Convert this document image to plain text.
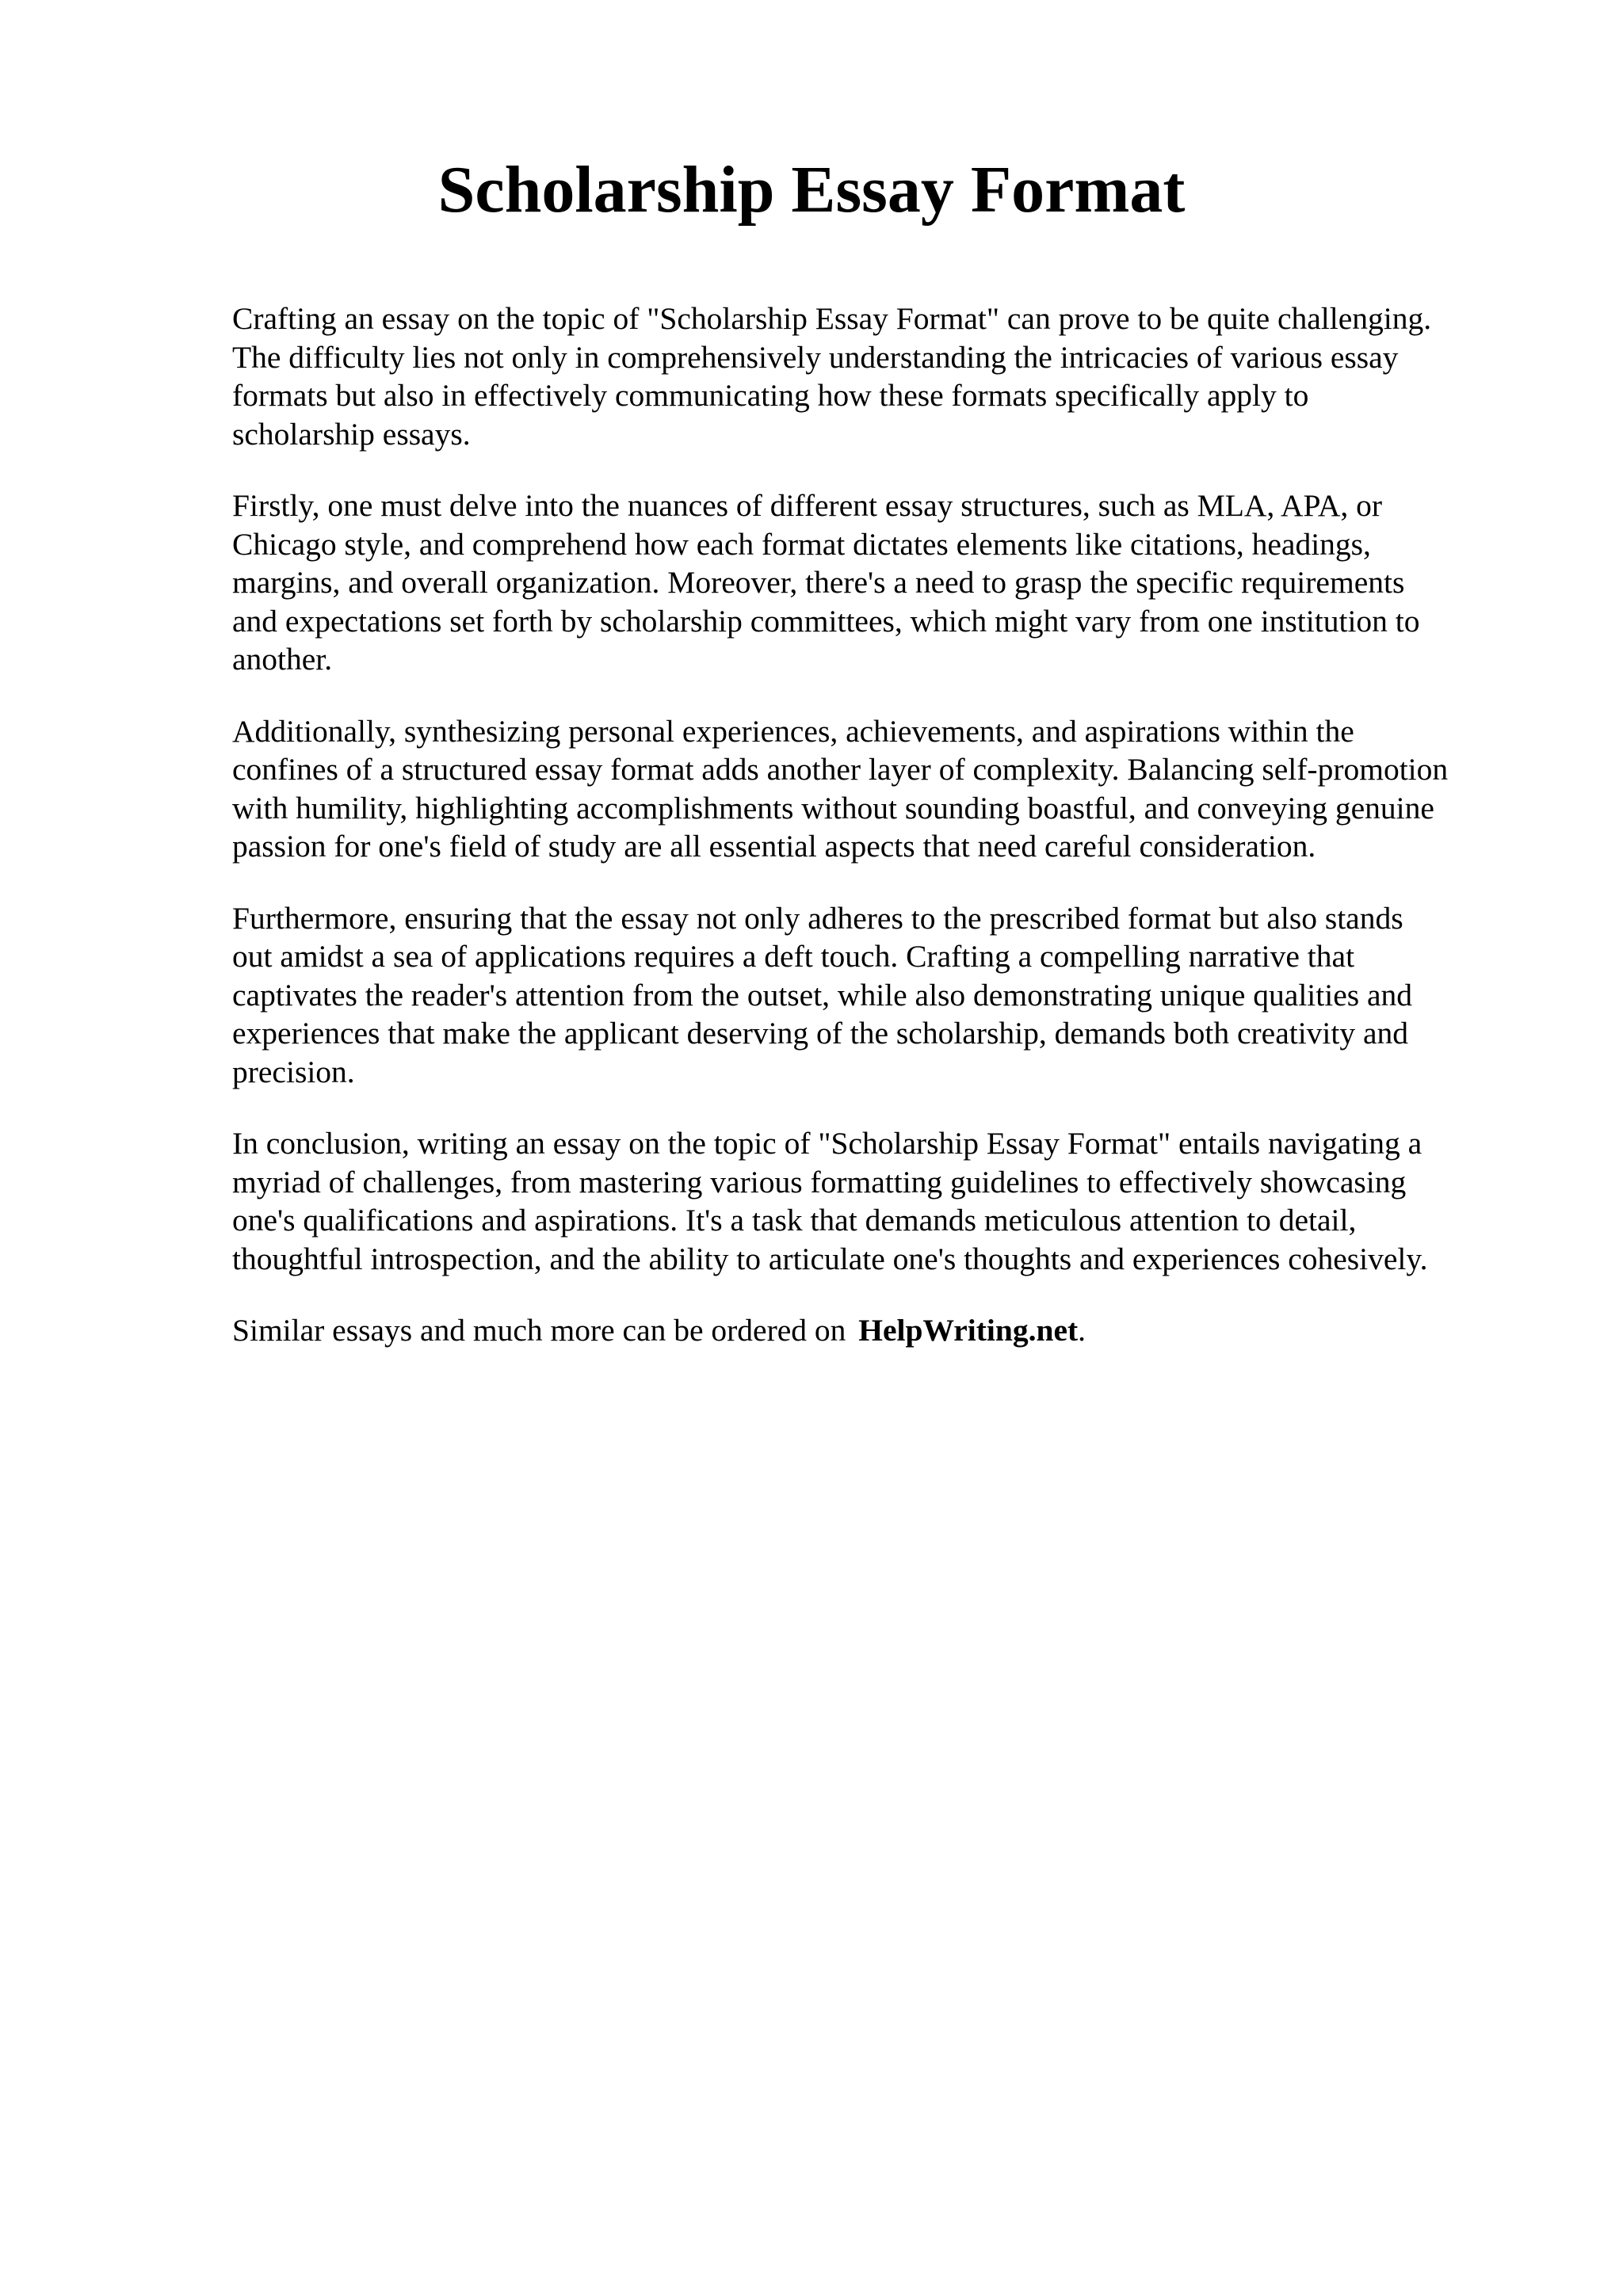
Scholarship Essay Format
Crafting an essay on the topic of "Scholarship Essay Format" can prove to be quite challenging.
The difficulty lies not only in comprehensively understanding the intricacies of various essay
formats but also in effectively communicating how these formats specifically apply to
scholarship essays.
Firstly, one must delve into the nuances of different essay structures, such as MLA, APA, or
Chicago style, and comprehend how each format dictates elements like citations, headings,
margins, and overall organization. Moreover, there's a need to grasp the specific requirements
and expectations set forth by scholarship committees, which might vary from one institution to
another.
Additionally, synthesizing personal experiences, achievements, and aspirations within the
confines of a structured essay format adds another layer of complexity. Balancing self-promotion
with humility, highlighting accomplishments without sounding boastful, and conveying genuine
passion for one's field of study are all essential aspects that need careful consideration.
Furthermore, ensuring that the essay not only adheres to the prescribed format but also stands
out amidst a sea of applications requires a deft touch. Crafting a compelling narrative that
captivates the reader's attention from the outset, while also demonstrating unique qualities and
experiences that make the applicant deserving of the scholarship, demands both creativity and
precision.
In conclusion, writing an essay on the topic of "Scholarship Essay Format" entails navigating a
myriad of challenges, from mastering various formatting guidelines to effectively showcasing
one's qualifications and aspirations. It's a task that demands meticulous attention to detail,
thoughtful introspection, and the ability to articulate one's thoughts and experiences cohesively.

Similar essays and much more can be ordered on HelpWriting.net.
